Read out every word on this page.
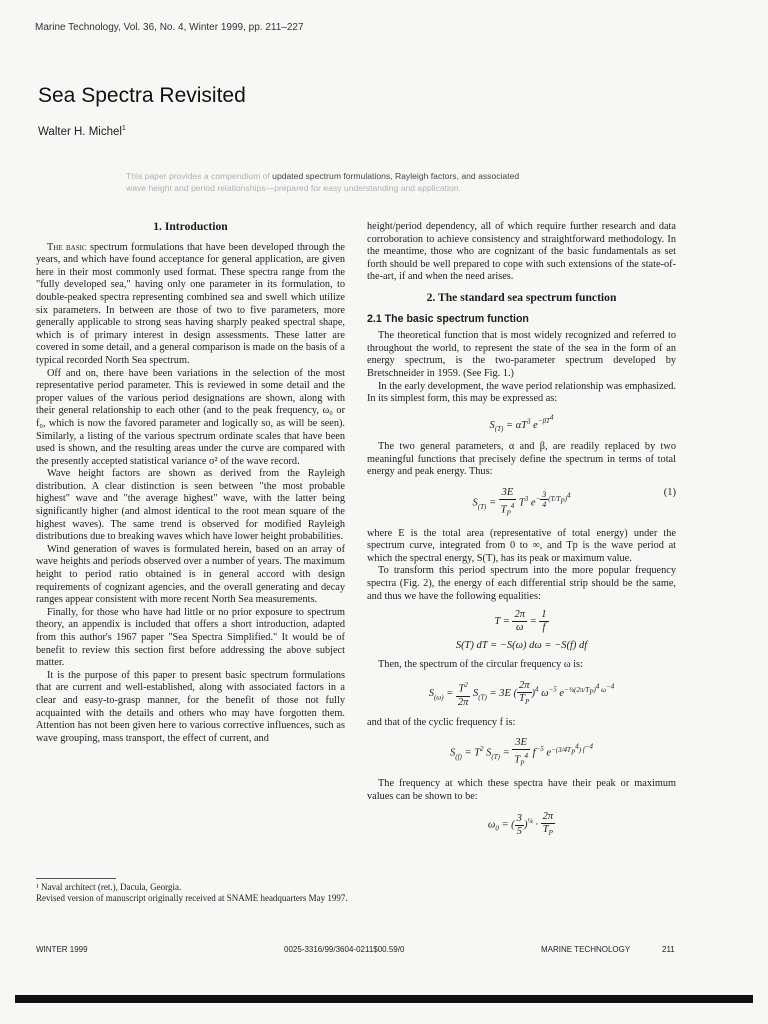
Marine Technology, Vol. 36, No. 4, Winter 1999, pp. 211–227
Sea Spectra Revisited
Walter H. Michel$^1$
This paper provides a compendium of updated spectrum formulations, Rayleigh factors, and associated
wave height and period relationships—prepared for easy understanding and application.
1. Introduction

The basic spectrum formulations that have been developed through the years, and which have found acceptance for general application, are given here in their most commonly used format. These spectra range from the "fully developed sea," having only one parameter in its formulation, to double-peaked spectra representing combined sea and swell which utilize six parameters. In between are those of two to five parameters, more generally applicable to strong seas having sharply peaked spectral shape, which is of primary interest in design assessments. These latter are covered in some detail, and a general comparison is made on the basis of a typical recorded North Sea spectrum.

Off and on, there have been variations in the selection of the most representative period parameter. This is reviewed in some detail and the proper values of the various period designations are shown, along with their general relationship to each other (and to the peak frequency, ω₀ or f₀, which is now the favored parameter and logically so, as will be seen). Similarly, a listing of the various spectrum ordinate scales that have been used is shown, and the resulting areas under the curve are compared with the presently accepted statistical variance σ² of the wave record.

Wave height factors are shown as derived from the Rayleigh distribution. A clear distinction is seen between "the most probable highest" wave and "the average highest" wave, with the latter being significantly higher (and almost identical to the root mean square of the highest waves). The same trend is observed for modified Rayleigh distributions due to breaking waves which have lower height probabilities.

Wind generation of waves is formulated herein, based on an array of wave heights and periods observed over a number of years. The maximum height to period ratio obtained is in general accord with design requirements of cognizant agencies, and the overall generating and decay ranges appear consistent with more recent North Sea measurements.

Finally, for those who have had little or no prior exposure to spectrum theory, an appendix is included that offers a short introduction, adapted from this author's 1967 paper "Sea Spectra Simplified." It would be of benefit to review this section first before addressing the above subject matter.

It is the purpose of this paper to present basic spectrum formulations that are current and well-established, along with associated factors in a clear and easy-to-grasp manner, for the benefit of those not fully acquainted with the details and others who may have forgotten them. Attention has not been given here to various corrective influences, such as wave grouping, mass transport, the effect of current, and

¹ Naval architect (ret.), Dacula, Georgia.
Revised version of manuscript originally received at SNAME headquarters May 1997.

height/period dependency, all of which require further research and data corroboration to achieve consistency and straightforward methodology. In the meantime, those who are cognizant of the basic fundamentals as set forth should be well prepared to cope with such extensions of the state-of-the-art, if and when the need arises.

2. The standard sea spectrum function
2.1 The basic spectrum function

The theoretical function that is most widely recognized and referred to throughout the world, to represent the state of the sea in the form of an energy spectrum, is the two-parameter spectrum developed by Bretschneider in 1959. (See Fig. 1.)

In the early development, the wave period relationship was emphasized. In its simplest form, this may be expressed as:

$S_{(T)} = \alpha T^3$ $e^{-\beta T^4}$

The two general parameters, α and β, are readily replaced by two meaningful functions that precisely define the spectrum in terms of total energy and peak energy. Thus:

$S_{(T)} = \frac{3E}{T_P^4} T^3$ $e^{- \frac{3}{4} (T/T_P)^4}$	(1)

where E is the total area (representative of total energy) under the spectrum curve, integrated from 0 to ∞, and Tp is the wave period at which the spectral energy, S(T), has its peak or maximum value.

To transform this period spectrum into the more popular frequency spectra (Fig. 2), the energy of each differential strip should be the same, and thus we have the following equalities:

$T = \frac{2\pi}{\omega} = \frac{1}{f}$
S(T) dT = −S(ω) dω = −S(f) df

Then, the spectrum of the circular frequency ω is:

$S_{(\omega)} = \frac{T^2}{2\pi} S_{(T)} = 3E$ ( $\frac{2\pi}{T_P} )^4$ $\omega^{-5}$ $e^{-\frac{3}{4}(2\pi/T_P)^4 \omega^{-4}}$

and that of the cyclic frequency f is:

$S_{(f)} = T^2$ $S_{(T)} = \frac{3E}{T_P^4} f^{-5}$ $e^{-(3/4T_P^4) f^{-4}}$

The frequency at which these spectra have their peak or maximum values can be shown to be:

$\omega_0$ = ( $\frac{3}{5} )^{\frac{1}{4}} \cdot \frac{2\pi}{T_P}$
WINTER 1999	0025-3316/99/3604-0211$00.59/0	MARINE TECHNOLOGY	211
